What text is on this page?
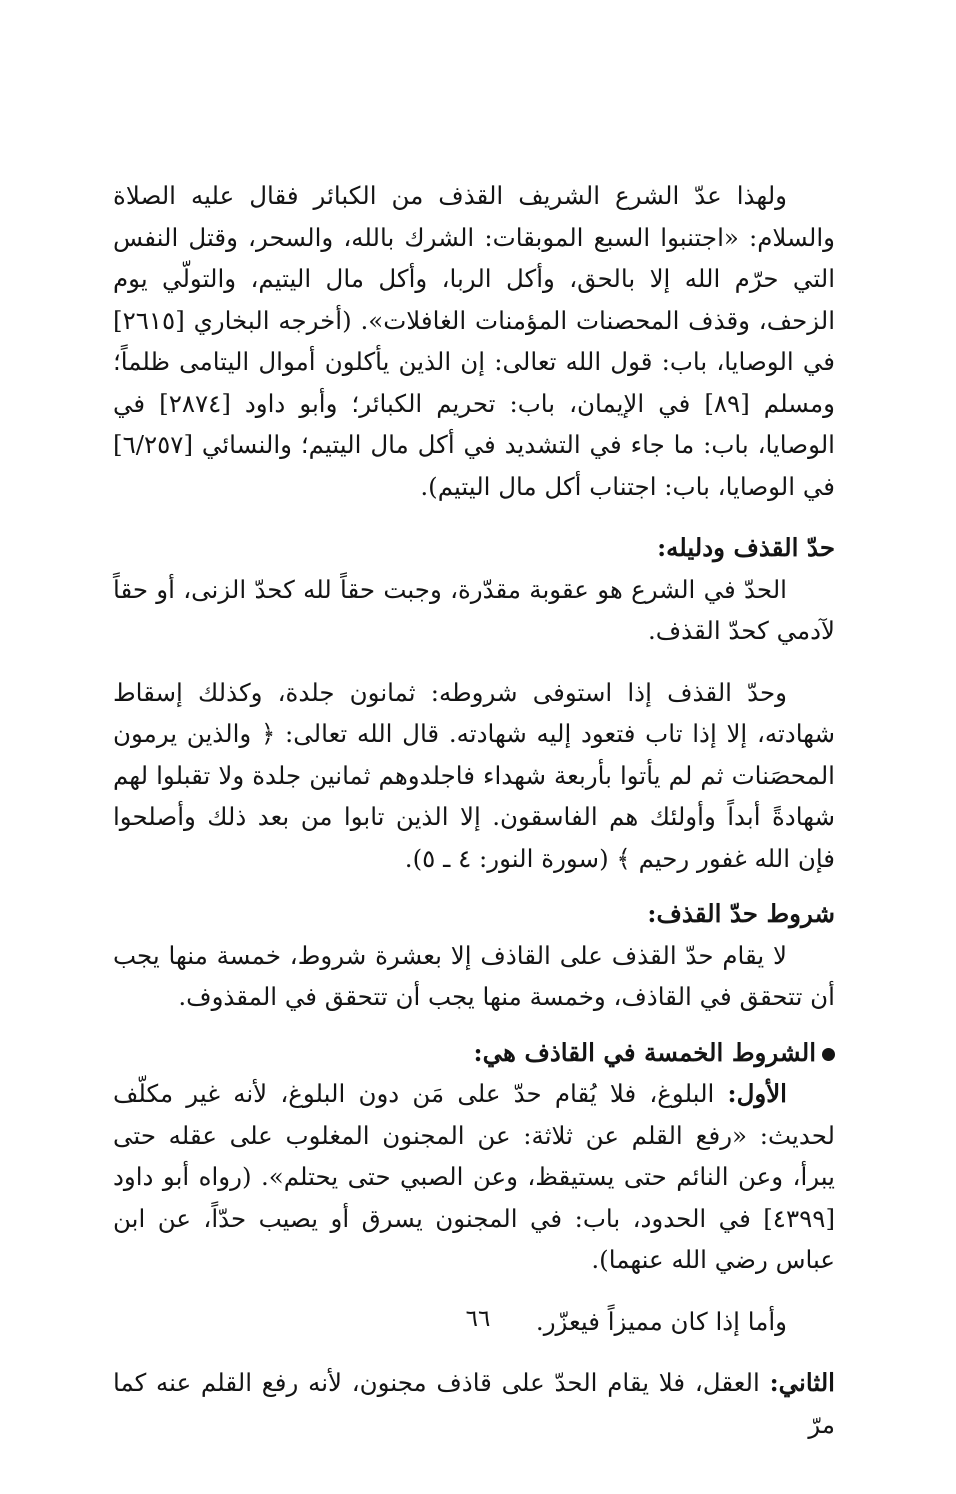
ولهذا عدّ الشرع الشريف القذف من الكبائر فقال عليه الصلاة والسلام: «اجتنبوا السبع الموبقات: الشرك بالله، والسحر، وقتل النفس التي حرّم الله إلا بالحق، وأكل الربا، وأكل مال اليتيم، والتولّي يوم الزحف، وقذف المحصنات المؤمنات الغافلات». (أخرجه البخاري [٢٦١٥] في الوصايا، باب: قول الله تعالى: إن الذين يأكلون أموال اليتامى ظلماً؛ ومسلم [٨٩] في الإيمان، باب: تحريم الكبائر؛ وأبو داود [٢٨٧٤] في الوصايا، باب: ما جاء في التشديد في أكل مال اليتيم؛ والنسائي [٦/٢٥٧] في الوصايا، باب: اجتناب أكل مال اليتيم).

حدّ القذف ودليله:

الحدّ في الشرع هو عقوبة مقدّرة، وجبت حقاً لله كحدّ الزنى، أو حقاً لآدمي كحدّ القذف.

وحدّ القذف إذا استوفى شروطه: ثمانون جلدة، وكذلك إسقاط شهادته، إلا إذا تاب فتعود إليه شهادته. قال الله تعالى: ﴿ والذين يرمون المحصَنات ثم لم يأتوا بأربعة شهداء فاجلدوهم ثمانين جلدة ولا تقبلوا لهم شهادةً أبداً وأولئك هم الفاسقون. إلا الذين تابوا من بعد ذلك وأصلحوا فإن الله غفور رحيم ﴾ (سورة النور: ٤ ـ ٥).

شروط حدّ القذف:

لا يقام حدّ القذف على القاذف إلا بعشرة شروط، خمسة منها يجب أن تتحقق في القاذف، وخمسة منها يجب أن تتحقق في المقذوف.

الشروط الخمسة في القاذف هي:

الأول: البلوغ، فلا يُقام حدّ على مَن دون البلوغ، لأنه غير مكلّف لحديث: «رفع القلم عن ثلاثة: عن المجنون المغلوب على عقله حتى يبرأ، وعن النائم حتى يستيقظ، وعن الصبي حتى يحتلم». (رواه أبو داود [٤٣٩٩] في الحدود، باب: في المجنون يسرق أو يصيب حدّاً، عن ابن عباس رضي الله عنهما).

وأما إذا كان مميزاً فيعزّر.

الثاني: العقل، فلا يقام الحدّ على قاذف مجنون، لأنه رفع القلم عنه كما مرّ

٦٦
